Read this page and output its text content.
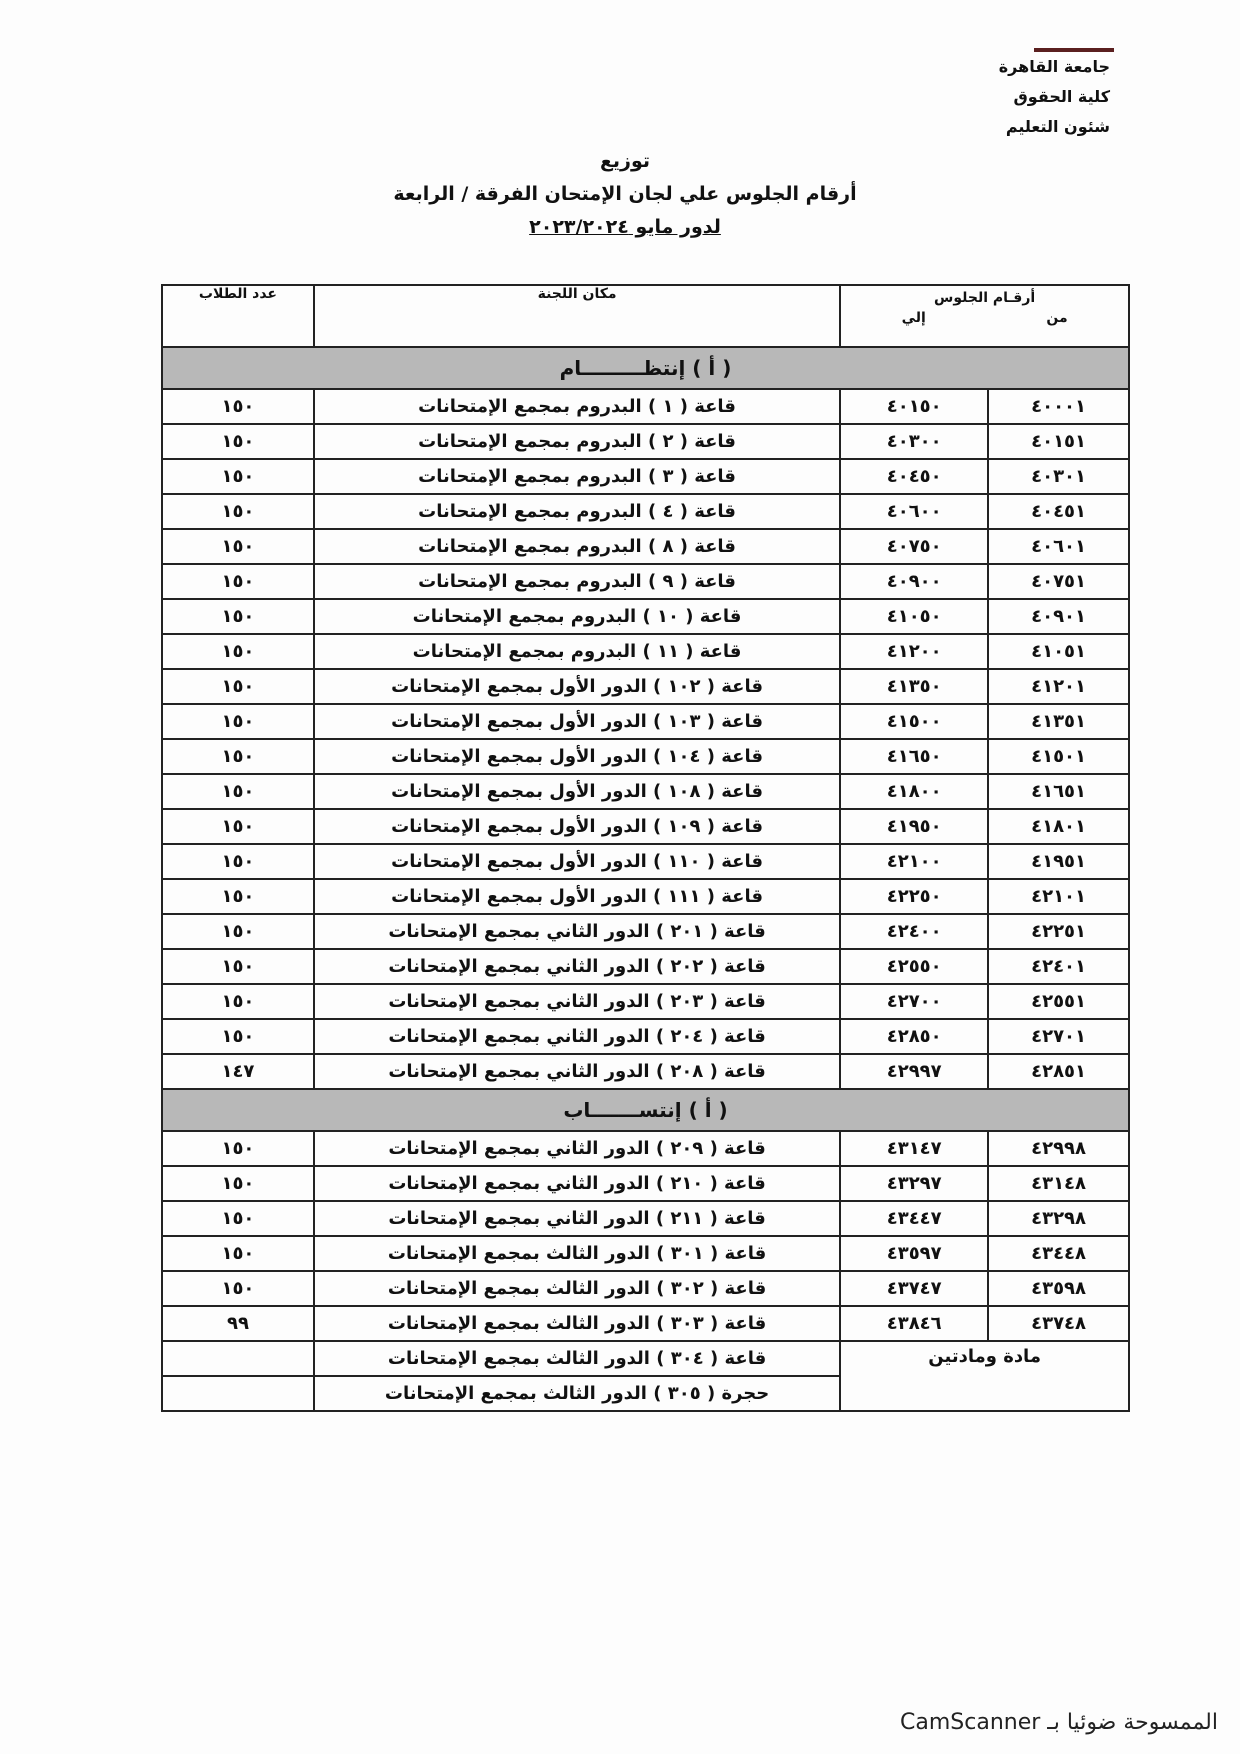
جامعة القاهرة
كلية الحقوق
شئون التعليم
توزيع
أرقام الجلوس علي لجان الإمتحان الفرقة / الرابعة
لدور مايو ٢٠٢٣/٢٠٢٤
أرقـام الجلوس
من
إلي		مكان اللجنة	عدد الطلاب
( أ ) إنتظـــــــــام			
٤٠٠٠١	٤٠١٥٠	قاعة ( ١ ) البدروم بمجمع الإمتحانات	١٥٠
٤٠١٥١	٤٠٣٠٠	قاعة ( ٢ ) البدروم بمجمع الإمتحانات	١٥٠
٤٠٣٠١	٤٠٤٥٠	قاعة ( ٣ ) البدروم بمجمع الإمتحانات	١٥٠
٤٠٤٥١	٤٠٦٠٠	قاعة ( ٤ ) البدروم بمجمع الإمتحانات	١٥٠
٤٠٦٠١	٤٠٧٥٠	قاعة ( ٨ ) البدروم بمجمع الإمتحانات	١٥٠
٤٠٧٥١	٤٠٩٠٠	قاعة ( ٩ ) البدروم بمجمع الإمتحانات	١٥٠
٤٠٩٠١	٤١٠٥٠	قاعة ( ١٠ ) البدروم بمجمع الإمتحانات	١٥٠
٤١٠٥١	٤١٢٠٠	قاعة ( ١١ ) البدروم بمجمع الإمتحانات	١٥٠
٤١٢٠١	٤١٣٥٠	قاعة ( ١٠٢ ) الدور الأول بمجمع الإمتحانات	١٥٠
٤١٣٥١	٤١٥٠٠	قاعة ( ١٠٣ ) الدور الأول بمجمع الإمتحانات	١٥٠
٤١٥٠١	٤١٦٥٠	قاعة ( ١٠٤ ) الدور الأول بمجمع الإمتحانات	١٥٠
٤١٦٥١	٤١٨٠٠	قاعة ( ١٠٨ ) الدور الأول بمجمع الإمتحانات	١٥٠
٤١٨٠١	٤١٩٥٠	قاعة ( ١٠٩ ) الدور الأول بمجمع الإمتحانات	١٥٠
٤١٩٥١	٤٢١٠٠	قاعة ( ١١٠ ) الدور الأول بمجمع الإمتحانات	١٥٠
٤٢١٠١	٤٢٢٥٠	قاعة ( ١١١ ) الدور الأول بمجمع الإمتحانات	١٥٠
٤٢٢٥١	٤٢٤٠٠	قاعة ( ٢٠١ ) الدور الثاني بمجمع الإمتحانات	١٥٠
٤٢٤٠١	٤٢٥٥٠	قاعة ( ٢٠٢ ) الدور الثاني بمجمع الإمتحانات	١٥٠
٤٢٥٥١	٤٢٧٠٠	قاعة ( ٢٠٣ ) الدور الثاني بمجمع الإمتحانات	١٥٠
٤٢٧٠١	٤٢٨٥٠	قاعة ( ٢٠٤ ) الدور الثاني بمجمع الإمتحانات	١٥٠
٤٢٨٥١	٤٢٩٩٧	قاعة ( ٢٠٨ ) الدور الثاني بمجمع الإمتحانات	١٤٧
( أ ) إنتســـــــاب			
٤٢٩٩٨	٤٣١٤٧	قاعة ( ٢٠٩ ) الدور الثاني بمجمع الإمتحانات	١٥٠
٤٣١٤٨	٤٣٢٩٧	قاعة ( ٢١٠ ) الدور الثاني بمجمع الإمتحانات	١٥٠
٤٣٢٩٨	٤٣٤٤٧	قاعة ( ٢١١ ) الدور الثاني بمجمع الإمتحانات	١٥٠
٤٣٤٤٨	٤٣٥٩٧	قاعة ( ٣٠١ ) الدور الثالث بمجمع الإمتحانات	١٥٠
٤٣٥٩٨	٤٣٧٤٧	قاعة ( ٣٠٢ ) الدور الثالث بمجمع الإمتحانات	١٥٠
٤٣٧٤٨	٤٣٨٤٦	قاعة ( ٣٠٣ ) الدور الثالث بمجمع الإمتحانات	٩٩
مادة ومادتين		قاعة ( ٣٠٤ ) الدور الثالث بمجمع الإمتحانات	
		حجرة ( ٣٠٥ ) الدور الثالث بمجمع الإمتحانات	
الممسوحة ضوئيا بـ CamScanner
